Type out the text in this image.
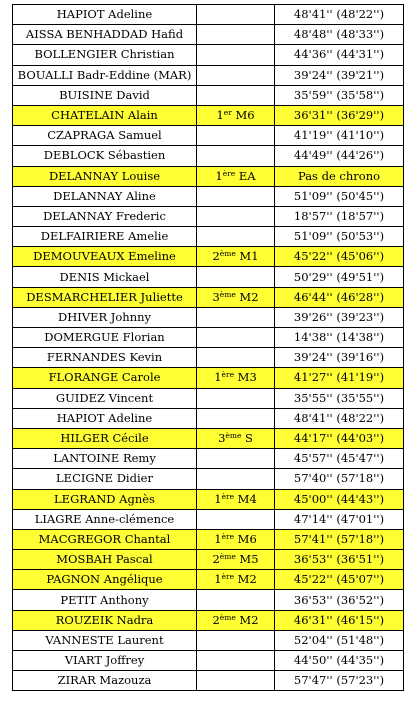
HAPIOT Adeline		48'41'' (48'22'')
AISSA BENHADDAD Hafid		48'48'' (48'33'')
BOLLENGIER Christian		44'36'' (44'31'')
BOUALLI Badr-Eddine (MAR)		39'24'' (39'21'')
BUISINE David		35'59'' (35'58'')
CHATELAIN Alain	1er M6	36'31'' (36'29'')
CZAPRAGA Samuel		41'19'' (41'10'')
DEBLOCK Sébastien		44'49'' (44'26'')
DELANNAY Louise	1ère EA	Pas de chrono
DELANNAY Aline		51'09'' (50'45'')
DELANNAY Frederic		18'57'' (18'57'')
DELFAIRIERE Amelie		51'09'' (50'53'')
DEMOUVEAUX Emeline	2ème M1	45'22'' (45'06'')
DENIS Mickael		50'29'' (49'51'')
DESMARCHELIER Juliette	3ème M2	46'44'' (46'28'')
DHIVER Johnny		39'26'' (39'23'')
DOMERGUE Florian		14'38'' (14'38'')
FERNANDES Kevin		39'24'' (39'16'')
FLORANGE Carole	1ère M3	41'27'' (41'19'')
GUIDEZ Vincent		35'55'' (35'55'')
HAPIOT Adeline		48'41'' (48'22'')
HILGER Cécile	3ème S	44'17'' (44'03'')
LANTOINE Remy		45'57'' (45'47'')
LECIGNE Didier		57'40'' (57'18'')
LEGRAND Agnès	1ère M4	45'00'' (44'43'')
LIAGRE Anne-clémence		47'14'' (47'01'')
MACGREGOR Chantal	1ère M6	57'41'' (57'18'')
MOSBAH Pascal	2ème M5	36'53'' (36'51'')
PAGNON Angélique	1ère M2	45'22'' (45'07'')
PETIT Anthony		36'53'' (36'52'')
ROUZEIK Nadra	2ème M2	46'31'' (46'15'')
VANNESTE Laurent		52'04'' (51'48'')
VIART Joffrey		44'50'' (44'35'')
ZIRAR Mazouza		57'47'' (57'23'')
